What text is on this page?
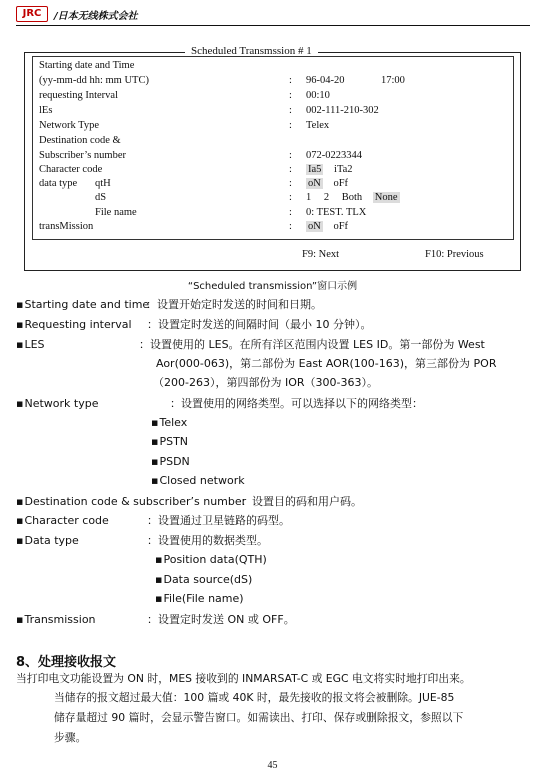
JRC	/日本无线株式会社
Scheduled Transmssion # 1
Starting date and Time
(yy-mm-dd hh: mm UTC)	: 96-04-20	17:00
requesting Interval	: 00:10
lEs	: 002-111-210-302
Network Type	: Telex
Destination code &
Subscriber’s number	: 072-0223344
Character code	: Ia5 iTa2
data type qtH	: oN oFf
dS	: 1 2 Both None
File name	: 0: TEST. TLX
transMission	: oN oFf
F9: Next	F10: Previous
“Scheduled transmission”窗口示例
▪ Starting date and time
：设置开始定时发送的时间和日期。
▪ Requesting interval ：设置定时发送的间隔时间（最小 10 分钟）。
▪ LES	：设置使用的 LES。在所有洋区范围内设置 LES ID。第一部份为 West
Aor(000-063)，第二部份为 East AOR(100-163)，第三部份为 POR
（200-263），第四部份为 IOR（300-363）。
▪ Network type	：设置使用的网络类型。可以选择以下的网络类型：
▪ Telex
▪ PSTN
▪ PSDN
▪ Closed network
▪ Destination code & subscriber’s number
：设置目的码和用户码。
▪ Character code	：设置通过卫星链路的码型。
▪ Data type	：设置使用的数据类型。
▪ Position data(QTH)
▪ Data source(dS)
▪ File(File name)
▪ Transmission	：设置定时发送 ON 或 OFF。
8、处理接收报文
当打印电文功能设置为 ON 时，MES 接收到的 INMARSAT-C 或 EGC 电文将实时地打印出来。
当储存的报文超过最大值：100 篇或 40K 时，最先接收的报文将会被删除。JUE-85
储存量超过 90 篇时，会显示警告窗口。如需读出、打印、保存或删除报文，参照以下
步骤。
45
